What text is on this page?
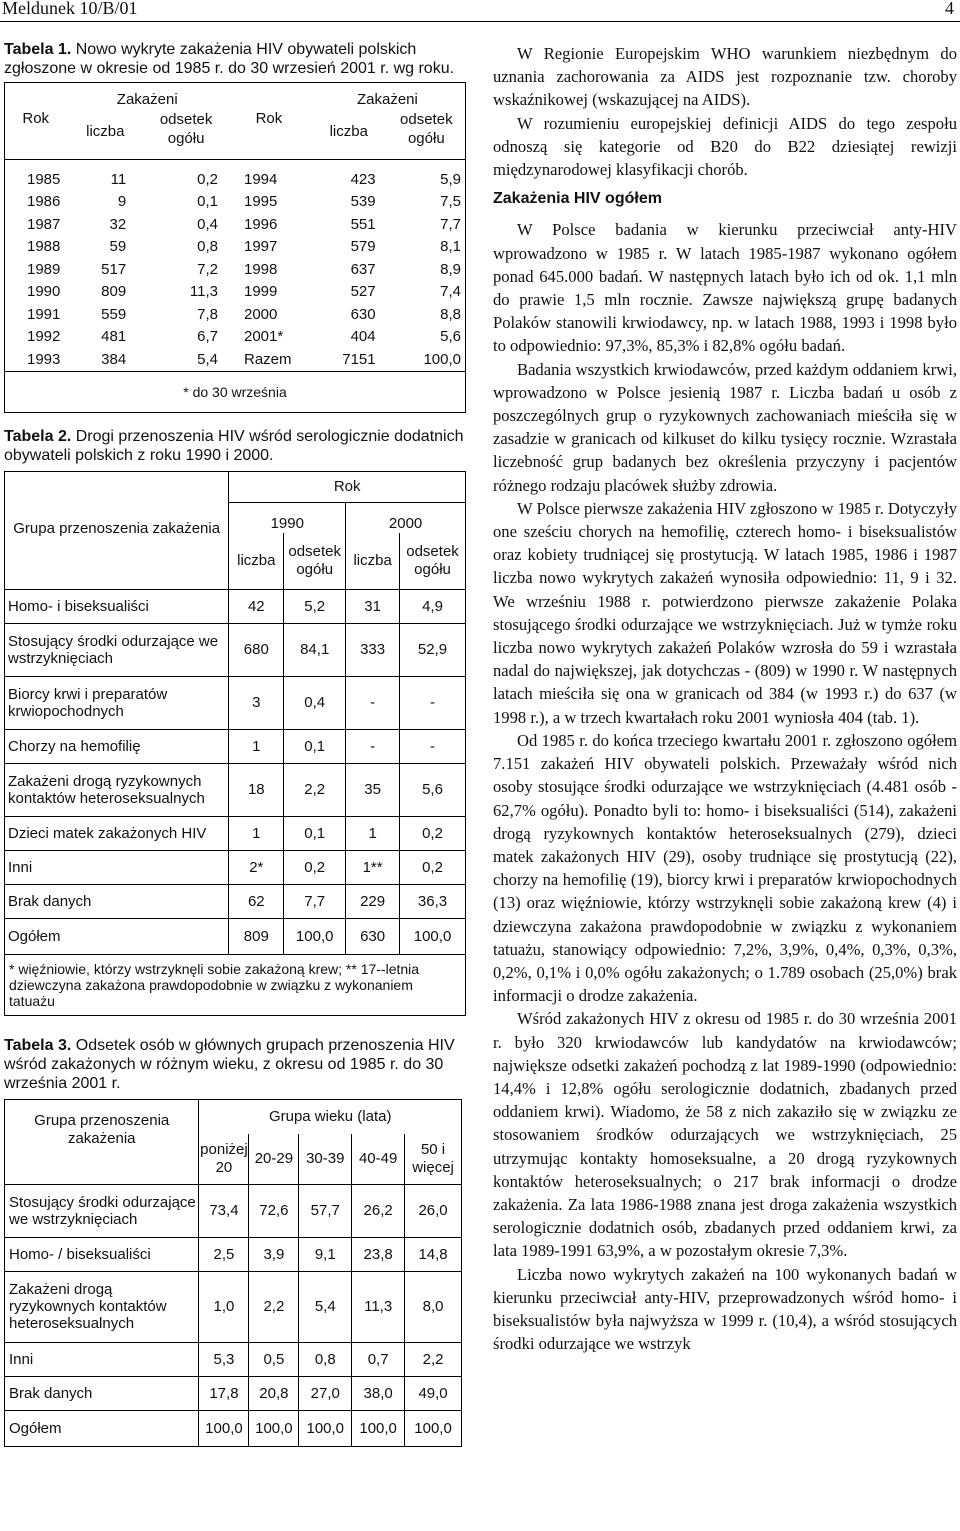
Meldunek 10/B/01	4
Tabela 1. Nowo wykryte zakażenia HIV obywateli polskich zgłoszone w okresie od 1985 r. do 30 wrzesień 2001 r. wg roku.
Rok	Zakażeni		Rok	Zakażeni	
	liczba	odsetek ogółu		liczba	odsetek ogółu

1985	11	0,2	1994	423	5,9
1986	9	0,1	1995	539	7,5
1987	32	0,4	1996	551	7,7
1988	59	0,8	1997	579	8,1
1989	517	7,2	1998	637	8,9
1990	809	11,3	1999	527	7,4
1991	559	7,8	2000	630	8,8
1992	481	6,7	2001*	404	5,6
1993	384	5,4	Razem	7151	100,0
* do 30 września					
Tabela 2. Drogi przenoszenia HIV wśród serologicznie dodatnich obywateli polskich z roku 1990 i 2000.
Grupa przenoszenia zakażenia	Rok			
	1990		2000	
	liczba	odsetek ogółu	liczba	odsetek ogółu
Homo- i biseksualiści	42	5,2	31	4,9
Stosujący środki odurzające we wstrzyknięciach	680	84,1	333	52,9
Biorcy krwi i preparatów krwiopochodnych	3	0,4	-	-
Chorzy na hemofilię	1	0,1	-	-
Zakażeni drogą ryzykownych kontaktów heteroseksualnych	18	2,2	35	5,6
Dzieci matek zakażonych HIV	1	0,1	1	0,2
Inni	2*	0,2	1**	0,2
Brak danych	62	7,7	229	36,3
Ogółem	809	100,0	630	100,0
* więźniowie, którzy wstrzyknęli sobie zakażoną krew; ** 17--letnia dziewczyna zakażona prawdopodobnie w związku z wykonaniem tatuażu				
Tabela 3. Odsetek osób w głównych grupach przenoszenia HIV wśród zakażonych w różnym wieku, z okresu od 1985 r. do 30 września 2001 r.
Grupa przenoszenia zakażenia	Grupa wieku (lata)				
	poniżej 20	20-29	30-39	40-49	50 i więcej
Stosujący środki odurzające we wstrzyknięciach	73,4	72,6	57,7	26,2	26,0
Homo- / biseksualiści	2,5	3,9	9,1	23,8	14,8
Zakażeni drogą ryzykownych kontaktów heteroseksualnych	1,0	2,2	5,4	11,3	8,0
Inni	5,3	0,5	0,8	0,7	2,2
Brak danych	17,8	20,8	27,0	38,0	49,0
Ogółem	100,0	100,0	100,0	100,0	100,0

W Regionie Europejskim WHO warunkiem niezbędnym do uznania zachorowania za AIDS jest rozpoznanie tzw. choroby wskaźnikowej (wskazującej na AIDS).

W rozumieniu europejskiej definicji AIDS do tego zespołu odnoszą się kategorie od B20 do B22 dziesiątej rewizji międzynarodowej klasyfikacji chorób.

Zakażenia HIV ogółem

W Polsce badania w kierunku przeciwciał anty-HIV wprowadzono w 1985 r. W latach 1985-1987 wykonano ogółem ponad 645.000 badań. W następnych latach było ich od ok. 1,1 mln do prawie 1,5 mln rocznie. Zawsze największą grupę badanych Polaków stanowili krwiodawcy, np. w latach 1988, 1993 i 1998 było to odpowiednio: 97,3%, 85,3% i 82,8% ogółu badań.

Badania wszystkich krwiodawców, przed każdym oddaniem krwi, wprowadzono w Polsce jesienią 1987 r. Liczba badań u osób z poszczególnych grup o ryzykownych zachowaniach mieściła się w zasadzie w granicach od kilkuset do kilku tysięcy rocznie. Wzrastała liczebność grup badanych bez określenia przyczyny i pacjentów różnego rodzaju placówek służby zdrowia.

W Polsce pierwsze zakażenia HIV zgłoszono w 1985 r. Dotyczyły one sześciu chorych na hemofilię, czterech homo- i biseksualistów oraz kobiety trudniącej się prostytucją. W latach 1985, 1986 i 1987 liczba nowo wykrytych zakażeń wynosiła odpowiednio: 11, 9 i 32. We wrześniu 1988 r. potwierdzono pierwsze zakażenie Polaka stosującego środki odurzające we wstrzyknięciach. Już w tymże roku liczba nowo wykrytych zakażeń Polaków wzrosła do 59 i wzrastała nadal do największej, jak dotychczas - (809) w 1990 r. W następnych latach mieściła się ona w granicach od 384 (w 1993 r.) do 637 (w 1998 r.), a w trzech kwartałach roku 2001 wyniosła 404 (tab. 1).

Od 1985 r. do końca trzeciego kwartału 2001 r. zgłoszono ogółem 7.151 zakażeń HIV obywateli polskich. Przeważały wśród nich osoby stosujące środki odurzające we wstrzyknięciach (4.481 osób - 62,7% ogółu). Ponadto byli to: homo- i biseksualiści (514), zakażeni drogą ryzykownych kontaktów heteroseksualnych (279), dzieci matek zakażonych HIV (29), osoby trudniące się prostytucją (22), chorzy na hemofilię (19), biorcy krwi i preparatów krwiopochodnych (13) oraz więźniowie, którzy wstrzyknęli sobie zakażoną krew (4) i dziewczyna zakażona prawdopodobnie w związku z wykonaniem tatuażu, stanowiący odpowiednio: 7,2%, 3,9%, 0,4%, 0,3%, 0,3%, 0,2%, 0,1% i 0,0% ogółu zakażonych; o 1.789 osobach (25,0%) brak informacji o drodze zakażenia.

Wśród zakażonych HIV z okresu od 1985 r. do 30 września 2001 r. było 320 krwiodawców lub kandydatów na krwiodawców; największe odsetki zakażeń pochodzą z lat 1989-1990 (odpowiednio: 14,4% i 12,8% ogółu serologicznie dodatnich, zbadanych przed oddaniem krwi). Wiadomo, że 58 z nich zakaziło się w związku ze stosowaniem środków odurzających we wstrzyknięciach, 25 utrzymując kontakty homoseksualne, a 20 drogą ryzykownych kontaktów heteroseksualnych; o 217 brak informacji o drodze zakażenia. Za lata 1986-1988 znana jest droga zakażenia wszystkich serologicznie dodatnich osób, zbadanych przed oddaniem krwi, za lata 1989-1991 63,9%, a w pozostałym okresie 7,3%.

Liczba nowo wykrytych zakażeń na 100 wykonanych badań w kierunku przeciwciał anty-HIV, przeprowadzonych wśród homo- i biseksualistów była najwyższa w 1999 r. (10,4), a wśród stosujących środki odurzające we wstrzyk
